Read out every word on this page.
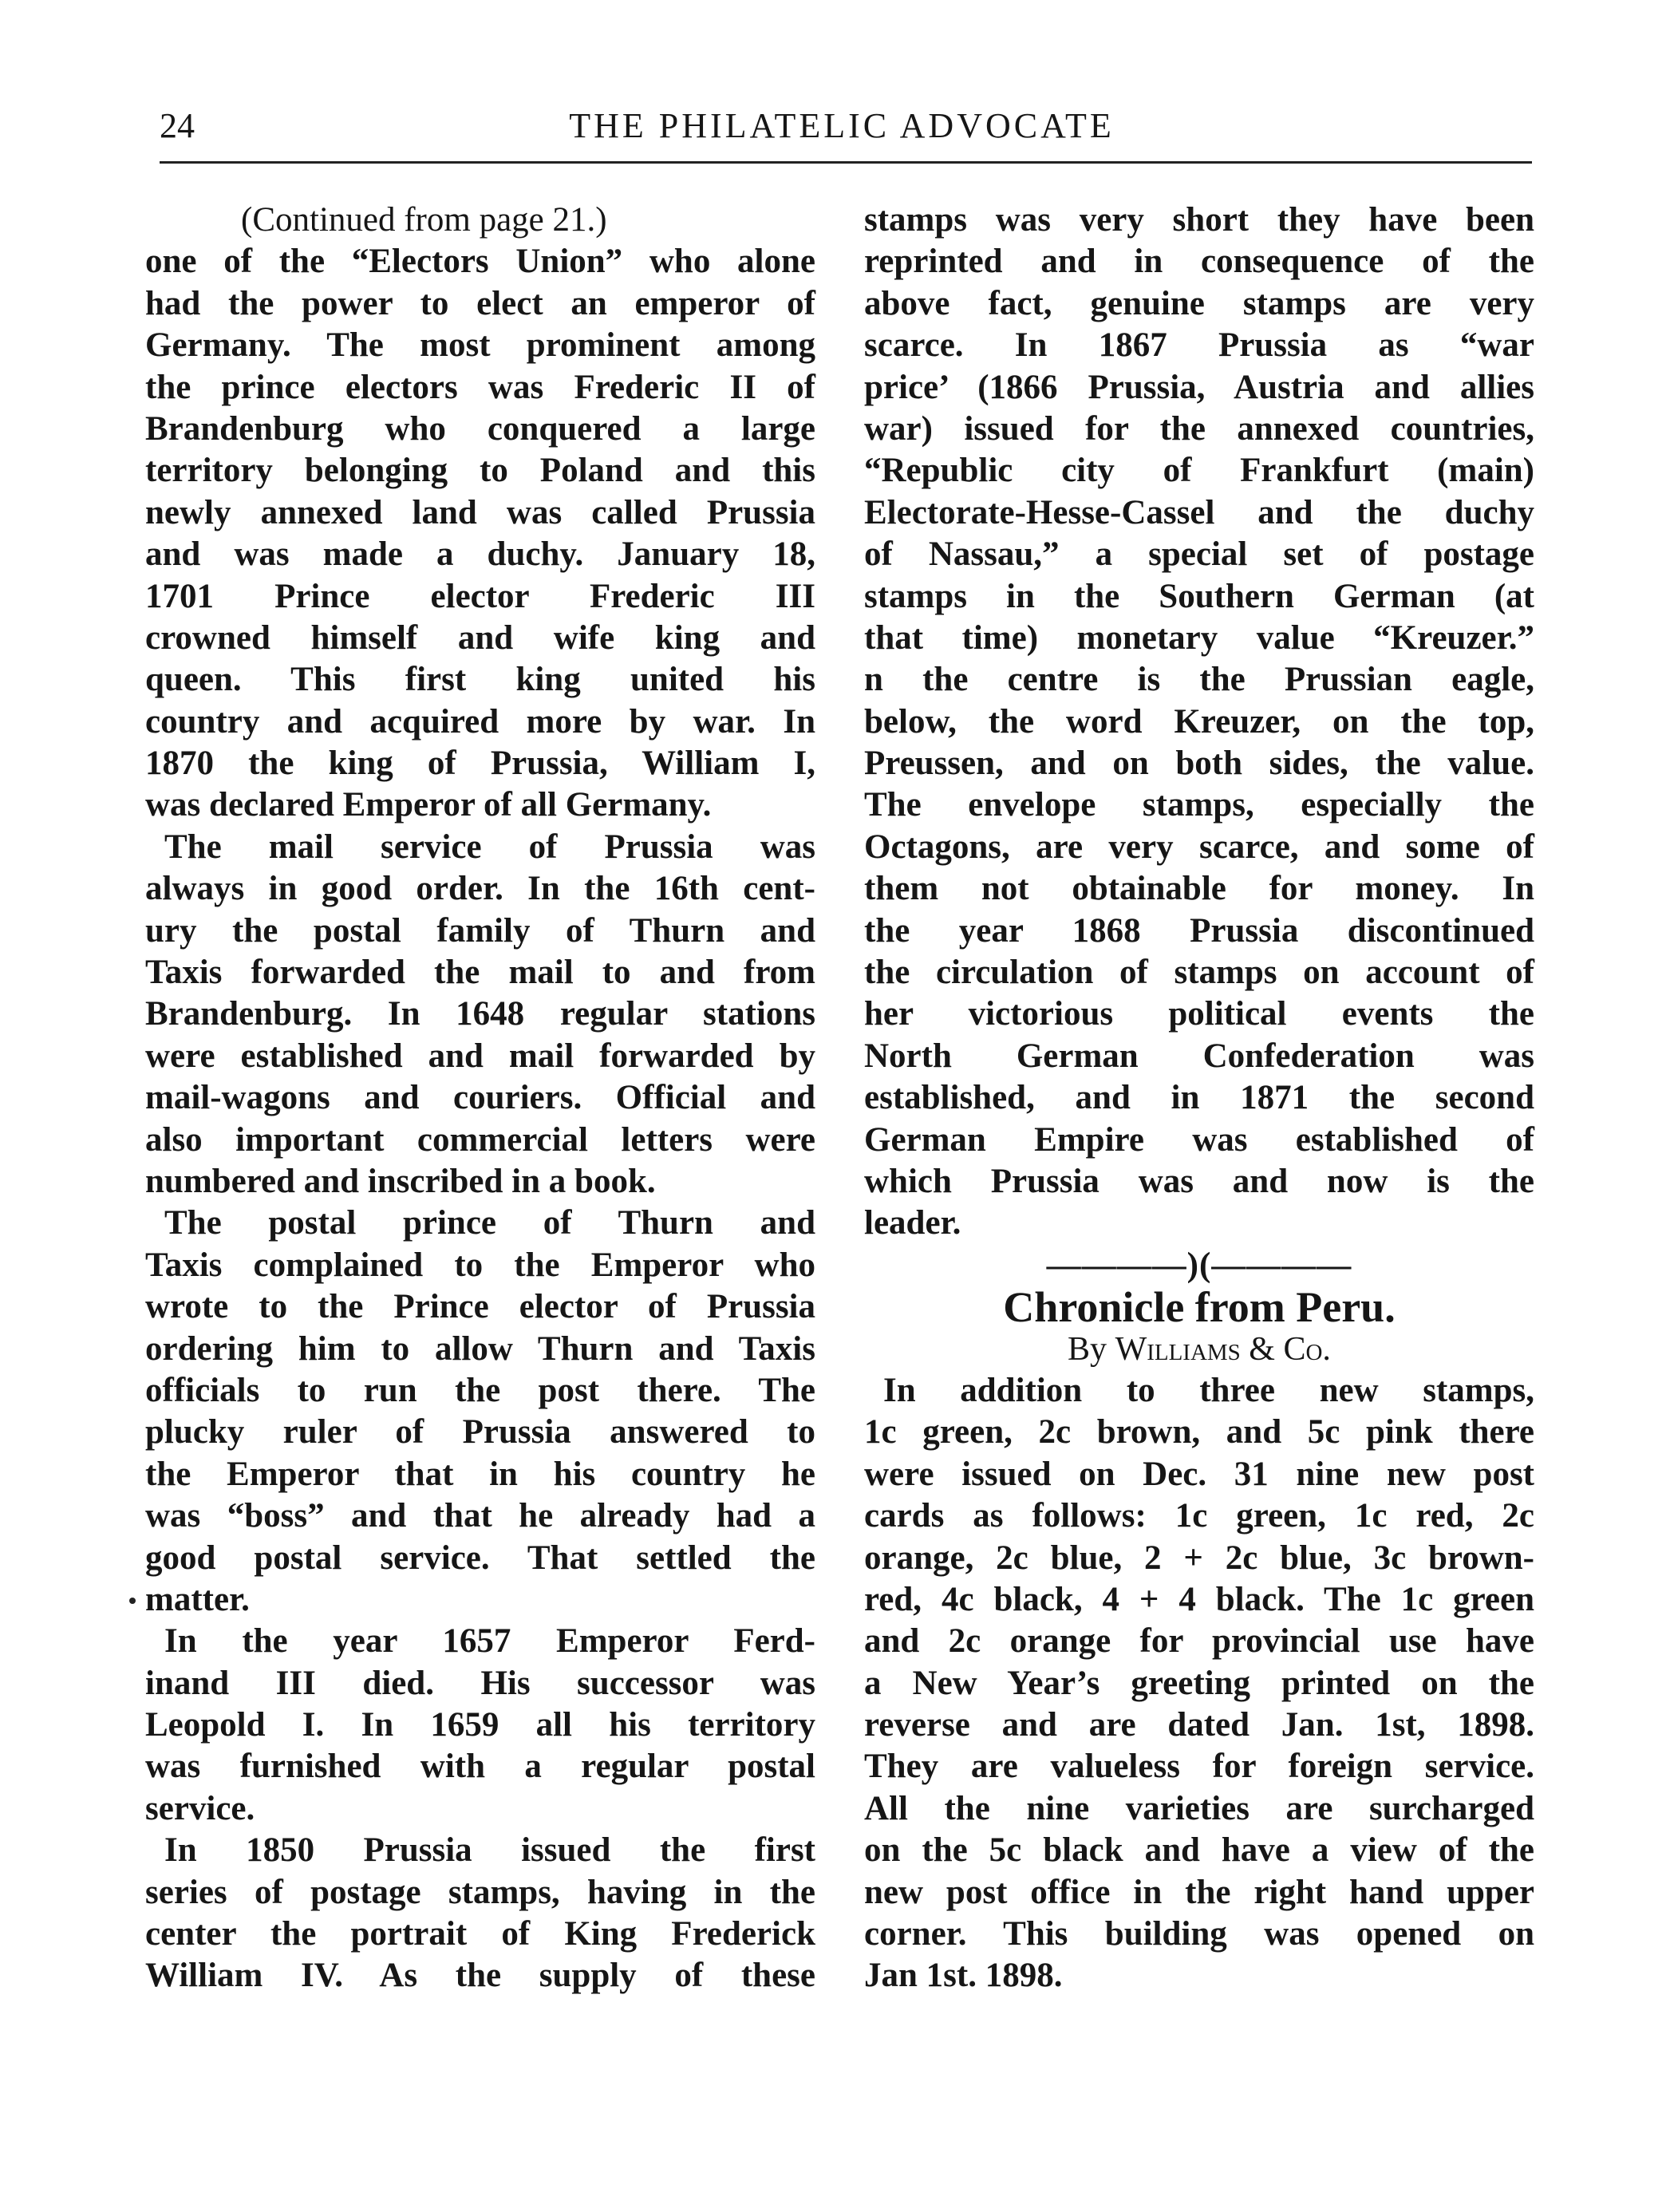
24	THE PHILATELIC ADVOCATE
(Continued from page 21.)
one of the “Electors Union” who alone
had the power to elect an emperor of
Germany. The most prominent among
the prince electors was Frederic II of
Brandenburg who conquered a large
territory belonging to Poland and this
newly annexed land was called Prussia
and was made a duchy. January 18,
1701 Prince elector Frederic III
crowned himself and wife king and
queen. This first king united his
country and acquired more by war. In
1870 the king of Prussia, William I,
was declared Emperor of all Germany.
The mail service of Prussia was
always in good order. In the 16th cent-
ury the postal family of Thurn and
Taxis forwarded the mail to and from
Brandenburg. In 1648 regular stations
were established and mail forwarded by
mail-wagons and couriers. Official and
also important commercial letters were
numbered and inscribed in a book.
The postal prince of Thurn and
Taxis complained to the Emperor who
wrote to the Prince elector of Prussia
ordering him to allow Thurn and Taxis
officials to run the post there. The
plucky ruler of Prussia answered to
the Emperor that in his country he
was “boss” and that he already had a
good postal service. That settled the
matter.
In the year 1657 Emperor Ferd-
inand III died. His successor was
Leopold I. In 1659 all his territory
was furnished with a regular postal
service.
In 1850 Prussia issued the first
series of postage stamps, having in the
center the portrait of King Frederick
William IV. As the supply of these
stamps was very short they have been
reprinted and in consequence of the
above fact, genuine stamps are very
scarce. In 1867 Prussia as “war
price’ (1866 Prussia, Austria and allies
war) issued for the annexed countries,
“Republic city of Frankfurt (main)
Electorate-Hesse-Cassel and the duchy
of Nassau,” a special set of postage
stamps in the Southern German (at
that time) monetary value “Kreuzer.”
n the centre is the Prussian eagle,
below, the word Kreuzer, on the top,
Preussen, and on both sides, the value.
The envelope stamps, especially the
Octagons, are very scarce, and some of
them not obtainable for money. In
the year 1868 Prussia discontinued
the circulation of stamps on account of
her victorious political events the
North German Confederation was
established, and in 1871 the second
German Empire was established of
which Prussia was and now is the
leader.
————)(————
Chronicle from Peru.
By Williams & Co.
In addition to three new stamps,
1c green, 2c brown, and 5c pink there
were issued on Dec. 31 nine new post
cards as follows: 1c green, 1c red, 2c
orange, 2c blue, 2 + 2c blue, 3c brown-
red, 4c black, 4 + 4 black. The 1c green
and 2c orange for provincial use have
a New Year’s greeting printed on the
reverse and are dated Jan. 1st, 1898.
They are valueless for foreign service.
All the nine varieties are surcharged
on the 5c black and have a view of the
new post office in the right hand upper
corner. This building was opened on
Jan 1st. 1898.
